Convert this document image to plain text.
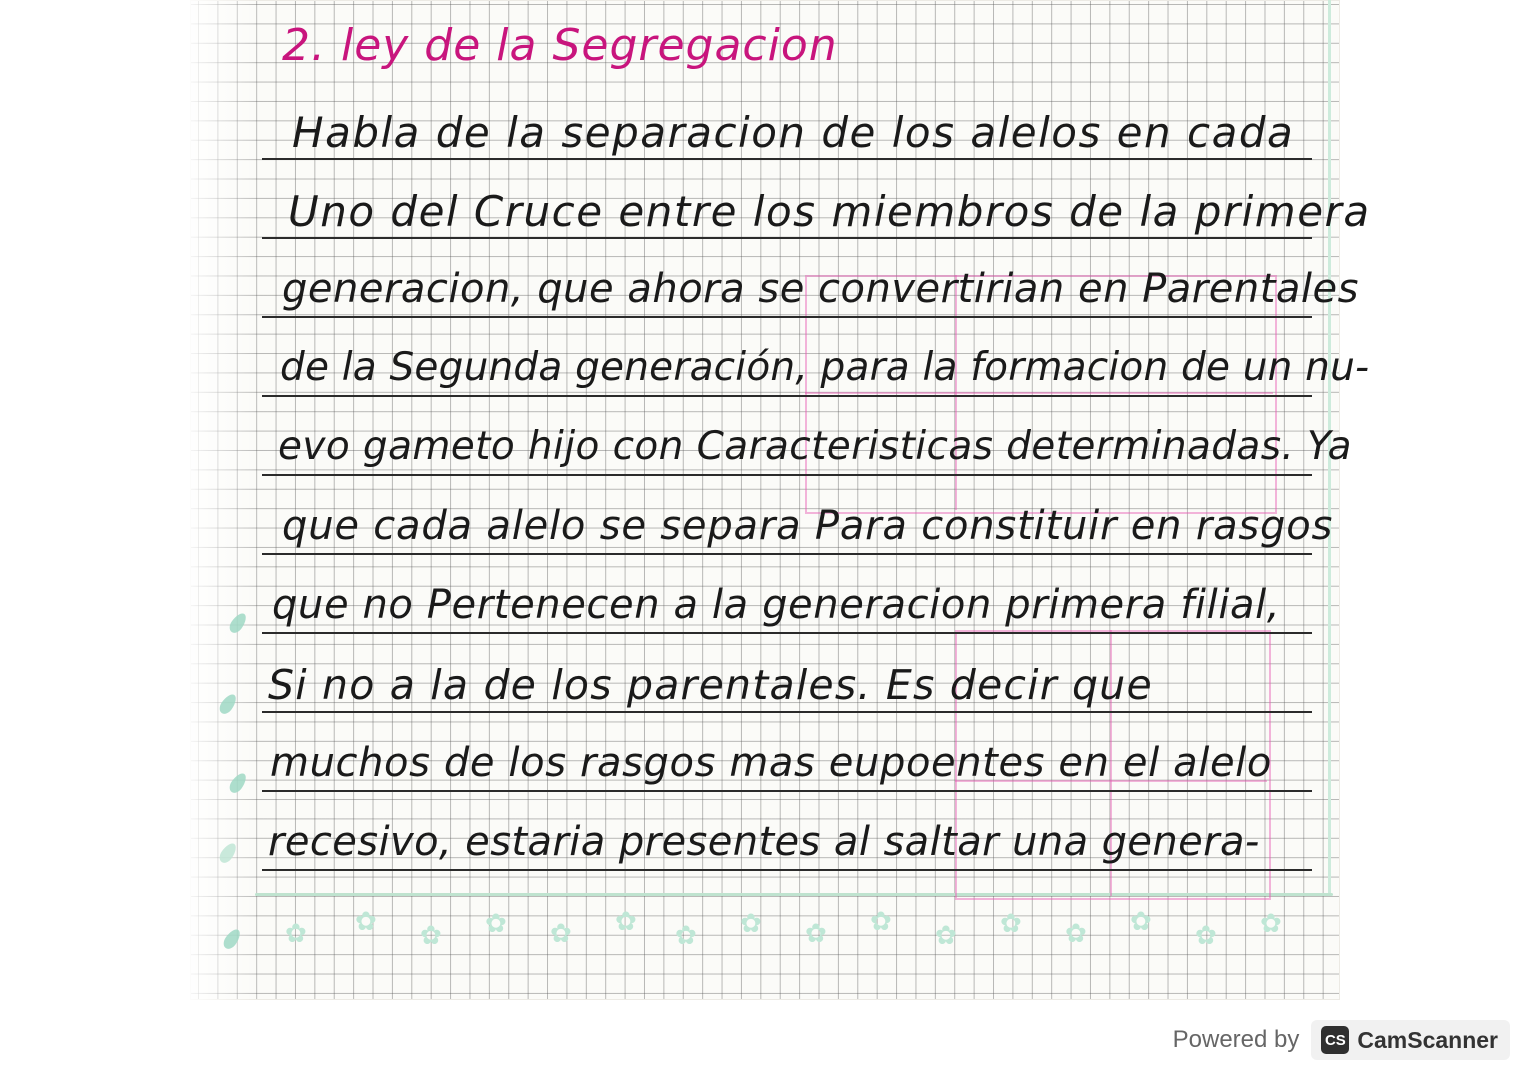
2. ley de la Segregacion
Habla de la separacion de los alelos en cada
Uno del Cruce entre los miembros de la primera
generacion, que ahora se convertirian en Parentales
de la Segunda generación, para la formacion de un nu-
evo gameto hijo con Caracteristicas determinadas. Ya
que cada alelo se separa Para constituir en rasgos
que no Pertenecen a la generacion primera filial,
Si no a la de los parentales. Es decir que
muchos de los rasgos mas eupoentes en el alelo
recesivo, estaria presentes al saltar una genera-
✿ ✿ ✿ ✿ ✿ ✿ ✿ ✿ ✿ ✿ ✿ ✿ ✿ ✿ ✿ ✿
Powered by CS CamScanner
